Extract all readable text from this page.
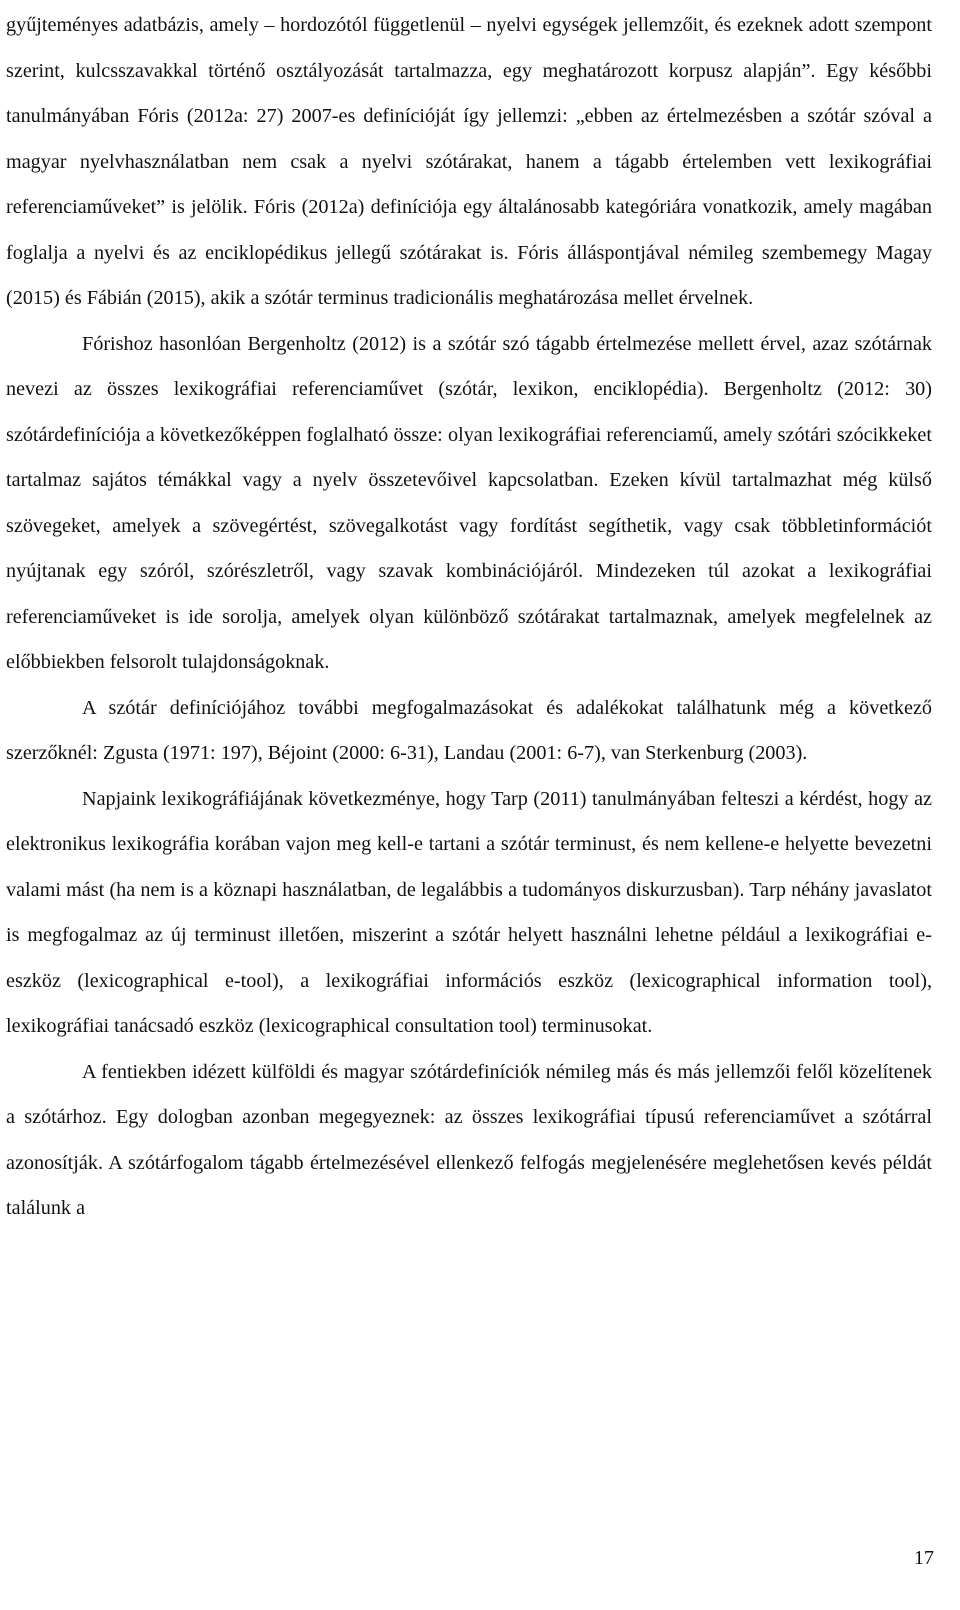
gyűjteményes adatbázis, amely – hordozótól függetlenül – nyelvi egységek jellemzőit, és ezeknek adott szempont szerint, kulcsszavakkal történő osztályozását tartalmazza, egy meghatározott korpusz alapján”. Egy későbbi tanulmányában Fóris (2012a: 27) 2007-es definícióját így jellemzi: „ebben az értelmezésben a szótár szóval a magyar nyelvhasználatban nem csak a nyelvi szótárakat, hanem a tágabb értelemben vett lexikográfiai referenciaműveket” is jelölik. Fóris (2012a) definíciója egy általánosabb kategóriára vonatkozik, amely magában foglalja a nyelvi és az enciklopédikus jellegű szótárakat is. Fóris álláspontjával némileg szembemegy Magay (2015) és Fábián (2015), akik a szótár terminus tradicionális meghatározása mellet érvelnek.

Fórishoz hasonlóan Bergenholtz (2012) is a szótár szó tágabb értelmezése mellett érvel, azaz szótárnak nevezi az összes lexikográfiai referenciaművet (szótár, lexikon, enciklopédia). Bergenholtz (2012: 30) szótárdefiníciója a következőképpen foglalható össze: olyan lexikográfiai referenciamű, amely szótári szócikkeket tartalmaz sajátos témákkal vagy a nyelv összetevőivel kapcsolatban. Ezeken kívül tartalmazhat még külső szövegeket, amelyek a szövegértést, szövegalkotást vagy fordítást segíthetik, vagy csak többletinformációt nyújtanak egy szóról, szórészletről, vagy szavak kombinációjáról. Mindezeken túl azokat a lexikográfiai referenciaműveket is ide sorolja, amelyek olyan különböző szótárakat tartalmaznak, amelyek megfelelnek az előbbiekben felsorolt tulajdonságoknak.

A szótár definíciójához további megfogalmazásokat és adalékokat találhatunk még a következő szerzőknél: Zgusta (1971: 197), Béjoint (2000: 6-31), Landau (2001: 6-7), van Sterkenburg (2003).

Napjaink lexikográfiájának következménye, hogy Tarp (2011) tanulmányában felteszi a kérdést, hogy az elektronikus lexikográfia korában vajon meg kell-e tartani a szótár terminust, és nem kellene-e helyette bevezetni valami mást (ha nem is a köznapi használatban, de legalábbis a tudományos diskurzusban). Tarp néhány javaslatot is megfogalmaz az új terminust illetően, miszerint a szótár helyett használni lehetne például a lexikográfiai e-eszköz (lexicographical e-tool), a lexikográfiai információs eszköz (lexicographical information tool), lexikográfiai tanácsadó eszköz (lexicographical consultation tool) terminusokat.

A fentiekben idézett külföldi és magyar szótárdefiníciók némileg más és más jellemzői felől közelítenek a szótárhoz. Egy dologban azonban megegyeznek: az összes lexikográfiai típusú referenciaművet a szótárral azonosítják. A szótárfogalom tágabb értelmezésével ellenkező felfogás megjelenésére meglehetősen kevés példát találunk a

17
